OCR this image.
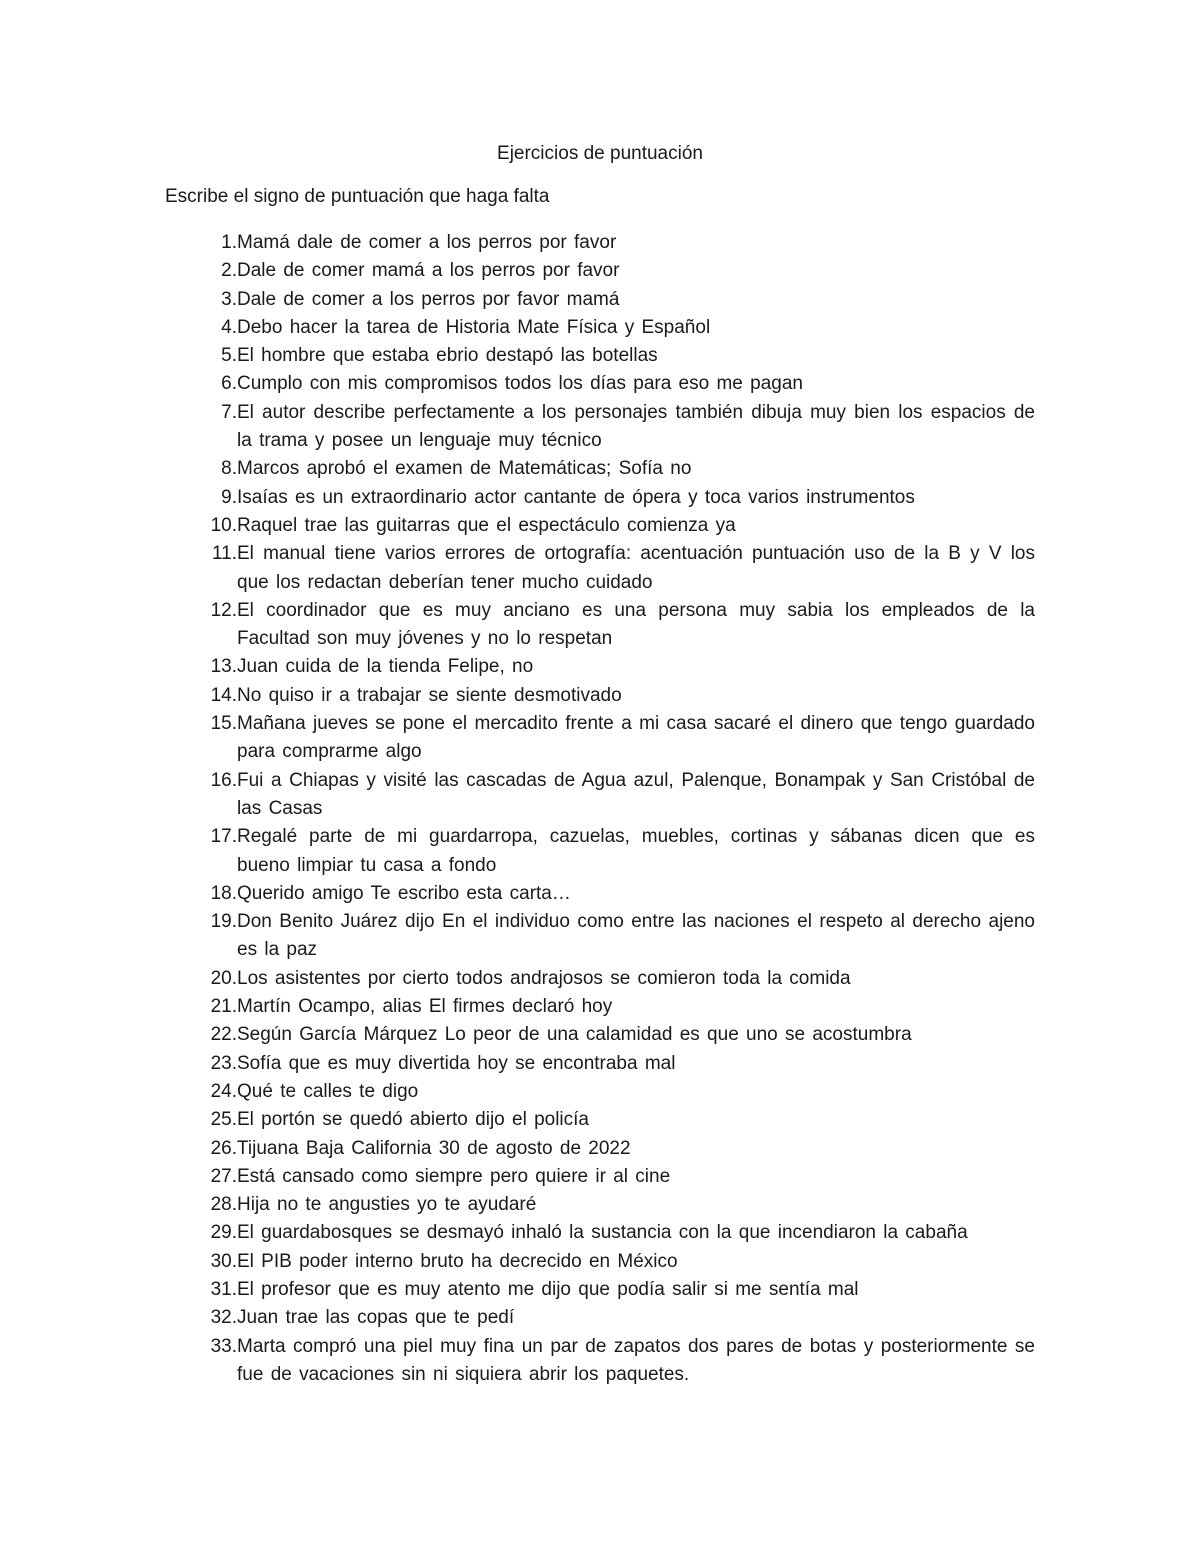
Ejercicios de puntuación

Escribe el signo de puntuación que haga falta

1. Mamá dale de comer a los perros por favor
2. Dale de comer mamá a los perros por favor
3. Dale de comer a los perros por favor mamá
4. Debo hacer la tarea de Historia Mate Física y Español
5. El hombre que estaba ebrio destapó las botellas
6. Cumplo con mis compromisos todos los días para eso me pagan
7. El autor describe perfectamente a los personajes también dibuja muy bien los espacios de la trama y posee un lenguaje muy técnico
8. Marcos aprobó el examen de Matemáticas; Sofía no
9. Isaías es un extraordinario actor cantante de ópera y toca varios instrumentos
10. Raquel trae las guitarras que el espectáculo comienza ya
11. El manual tiene varios errores de ortografía: acentuación puntuación uso de la B y V los que los redactan deberían tener mucho cuidado
12. El coordinador que es muy anciano es una persona muy sabia los empleados de la Facultad son muy jóvenes y no lo respetan
13. Juan cuida de la tienda Felipe, no
14. No quiso ir a trabajar se siente desmotivado
15. Mañana jueves se pone el mercadito frente a mi casa sacaré el dinero que tengo guardado para comprarme algo
16. Fui a Chiapas y visité las cascadas de Agua azul, Palenque, Bonampak y San Cristóbal de las Casas
17. Regalé parte de mi guardarropa, cazuelas, muebles, cortinas y sábanas dicen que es bueno limpiar tu casa a fondo
18. Querido amigo Te escribo esta carta…
19. Don Benito Juárez dijo En el individuo como entre las naciones el respeto al derecho ajeno es la paz
20. Los asistentes por cierto todos andrajosos se comieron toda la comida
21. Martín Ocampo, alias El firmes declaró hoy
22. Según García Márquez Lo peor de una calamidad es que uno se acostumbra
23. Sofía que es muy divertida hoy se encontraba mal
24. Qué te calles te digo
25. El portón se quedó abierto dijo el policía
26. Tijuana Baja California 30 de agosto de 2022
27. Está cansado como siempre pero quiere ir al cine
28. Hija no te angusties yo te ayudaré
29. El guardabosques se desmayó inhaló la sustancia con la que incendiaron la cabaña
30. El PIB poder interno bruto ha decrecido en México
31. El profesor que es muy atento me dijo que podía salir si me sentía mal
32. Juan trae las copas que te pedí
33. Marta compró una piel muy fina un par de zapatos dos pares de botas y posteriormente se fue de vacaciones sin ni siquiera abrir los paquetes.
